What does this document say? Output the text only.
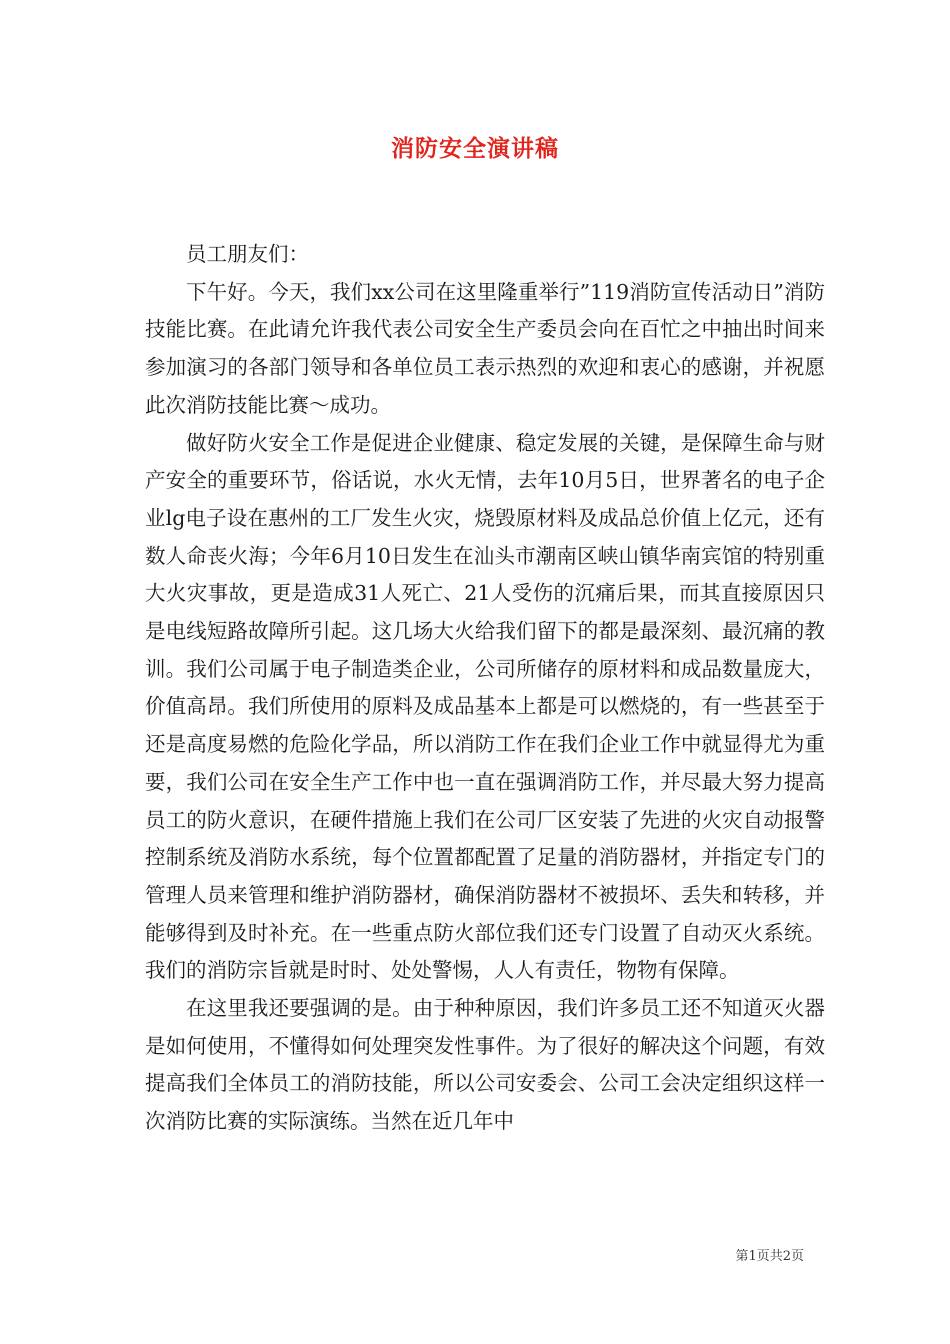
消防安全演讲稿

员工朋友们：

下午好。今天，我们xx公司在这里隆重举行”119消防宣传活动日”消防技能比赛。在此请允许我代表公司安全生产委员会向在百忙之中抽出时间来参加演习的各部门领导和各单位员工表示热烈的欢迎和衷心的感谢，并祝愿此次消防技能比赛～成功。

做好防火安全工作是促进企业健康、稳定发展的关键，是保障生命与财产安全的重要环节，俗话说，水火无情，去年10月5日，世界著名的电子企业lg电子设在惠州的工厂发生火灾，烧毁原材料及成品总价值上亿元，还有数人命丧火海；今年6月10日发生在汕头市潮南区峡山镇华南宾馆的特别重大火灾事故，更是造成31人死亡、21人受伤的沉痛后果，而其直接原因只是电线短路故障所引起。这几场大火给我们留下的都是最深刻、最沉痛的教训。我们公司属于电子制造类企业，公司所储存的原材料和成品数量庞大，价值高昂。我们所使用的原料及成品基本上都是可以燃烧的，有一些甚至于还是高度易燃的危险化学品，所以消防工作在我们企业工作中就显得尤为重要，我们公司在安全生产工作中也一直在强调消防工作，并尽最大努力提高员工的防火意识，在硬件措施上我们在公司厂区安装了先进的火灾自动报警控制系统及消防水系统，每个位置都配置了足量的消防器材，并指定专门的管理人员来管理和维护消防器材，确保消防器材不被损坏、丢失和转移，并能够得到及时补充。在一些重点防火部位我们还专门设置了自动灭火系统。我们的消防宗旨就是时时、处处警惕，人人有责任，物物有保障。

在这里我还要强调的是。由于种种原因，我们许多员工还不知道灭火器是如何使用，不懂得如何处理突发性事件。为了很好的解决这个问题，有效提高我们全体员工的消防技能，所以公司安委会、公司工会决定组织这样一次消防比赛的实际演练。当然在近几年中

第1页共2页
